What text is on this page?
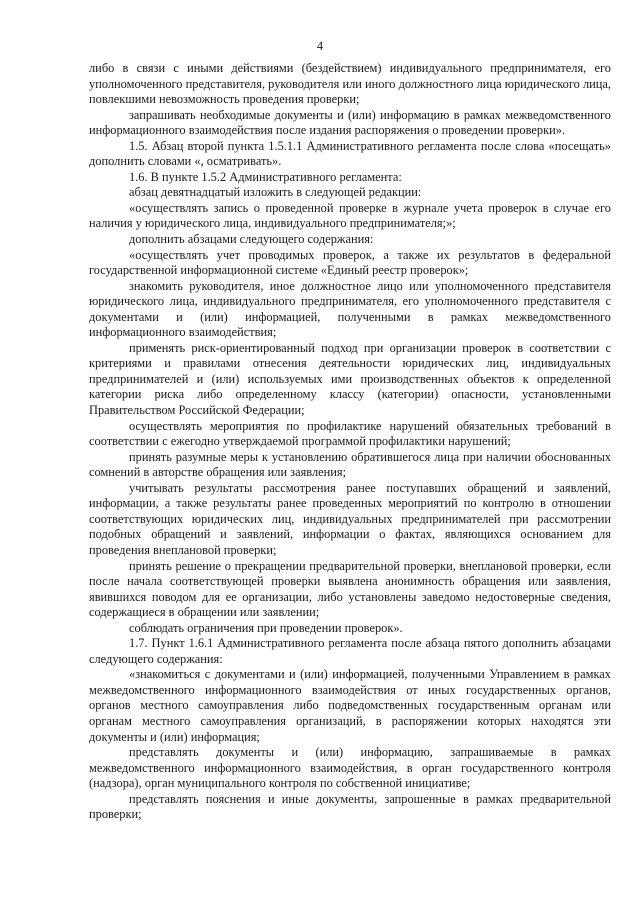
4

либо в связи с иными действиями (бездействием) индивидуального предпринимателя, его уполномоченного представителя, руководителя или иного должностного лица юридического лица, повлекшими невозможность проведения проверки;

запрашивать необходимые документы и (или) информацию в рамках межведомственного информационного взаимодействия после издания распоряжения о проведении проверки».

1.5. Абзац второй пункта 1.5.1.1 Административного регламента после слова «посещать» дополнить словами «, осматривать».

1.6. В пункте 1.5.2 Административного регламента:

абзац девятнадцатый изложить в следующей редакции:

«осуществлять запись о проведенной проверке в журнале учета проверок в случае его наличия у юридического лица, индивидуального предпринимателя;»;

дополнить абзацами следующего содержания:

«осуществлять учет проводимых проверок, а также их результатов в федеральной государственной информационной системе «Единый реестр проверок»;

знакомить руководителя, иное должностное лицо или уполномоченного представителя юридического лица, индивидуального предпринимателя, его уполномоченного представителя с документами и (или) информацией, полученными в рамках межведомственного информационного взаимодействия;

применять риск-ориентированный подход при организации проверок в соответствии с критериями и правилами отнесения деятельности юридических лиц, индивидуальных предпринимателей и (или) используемых ими производственных объектов к определенной категории риска либо определенному классу (категории) опасности, установленными Правительством Российской Федерации;

осуществлять мероприятия по профилактике нарушений обязательных требований в соответствии с ежегодно утверждаемой программой профилактики нарушений;

принять разумные меры к установлению обратившегося лица при наличии обоснованных сомнений в авторстве обращения или заявления;

учитывать результаты рассмотрения ранее поступавших обращений и заявлений, информации, а также результаты ранее проведенных мероприятий по контролю в отношении соответствующих юридических лиц, индивидуальных предпринимателей при рассмотрении подобных обращений и заявлений, информации о фактах, являющихся основанием для проведения внеплановой проверки;

принять решение о прекращении предварительной проверки, внеплановой проверки, если после начала соответствующей проверки выявлена анонимность обращения или заявления, явившихся поводом для ее организации, либо установлены заведомо недостоверные сведения, содержащиеся в обращении или заявлении;

соблюдать ограничения при проведении проверок».

1.7. Пункт 1.6.1 Административного регламента после абзаца пятого дополнить абзацами следующего содержания:

«знакомиться с документами и (или) информацией, полученными Управлением в рамках межведомственного информационного взаимодействия от иных государственных органов, органов местного самоуправления либо подведомственных государственным органам или органам местного самоуправления организаций, в распоряжении которых находятся эти документы и (или) информация;

представлять документы и (или) информацию, запрашиваемые в рамках межведомственного информационного взаимодействия, в орган государственного контроля (надзора), орган муниципального контроля по собственной инициативе;

представлять пояснения и иные документы, запрошенные в рамках предварительной проверки;
